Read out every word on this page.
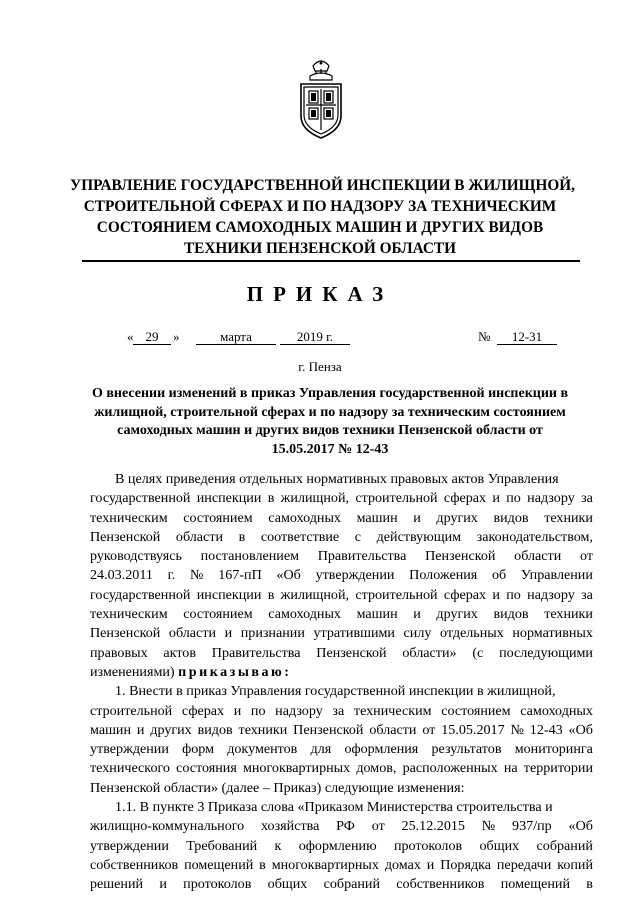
УПРАВЛЕНИЕ ГОСУДАРСТВЕННОЙ ИНСПЕКЦИИ В ЖИЛИЩНОЙ,
СТРОИТЕЛЬНОЙ СФЕРАХ И ПО НАДЗОРУ ЗА ТЕХНИЧЕСКИМ
СОСТОЯНИЕМ САМОХОДНЫХ МАШИН И ДРУГИХ ВИДОВ
ТЕХНИКИ ПЕНЗЕНСКОЙ ОБЛАСТИ
ПРИКАЗ
« 29	»	марта	2019 г.	№	12-31
г. Пенза
О внесении изменений в приказ Управления государственной инспекции в
жилищной, строительной сферах и по надзору за техническим состоянием
самоходных машин и других видов техники Пензенской области от
15.05.2017 № 12-43
В целях приведения отдельных нормативных правовых актов Управления
государственной инспекции в жилищной, строительной сферах и по надзору за
техническим состоянием самоходных машин и других видов техники
Пензенской области в соответствие с действующим законодательством,
руководствуясь постановлением Правительства Пензенской области от
24.03.2011 г. № 167-пП «Об утверждении Положения об Управлении
государственной инспекции в жилищной, строительной сферах и по надзору за
техническим состоянием самоходных машин и других видов техники
Пензенской области и признании утратившими силу отдельных нормативных
правовых актов Правительства Пензенской области» (с последующими
изменениями) приказываю:
1. Внести в приказ Управления государственной инспекции в жилищной,
строительной сферах и по надзору за техническим состоянием самоходных
машин и других видов техники Пензенской области от 15.05.2017 № 12-43 «Об
утверждении форм документов для оформления результатов мониторинга
технического состояния многоквартирных домов, расположенных на территории
Пензенской области» (далее – Приказ) следующие изменения:
1.1. В пункте 3 Приказа слова «Приказом Министерства строительства и
жилищно-коммунального хозяйства РФ от 25.12.2015 № 937/пр «Об
утверждении Требований к оформлению протоколов общих собраний
собственников помещений в многоквартирных домах и Порядка передачи копий
решений и протоколов общих собраний собственников помещений в
